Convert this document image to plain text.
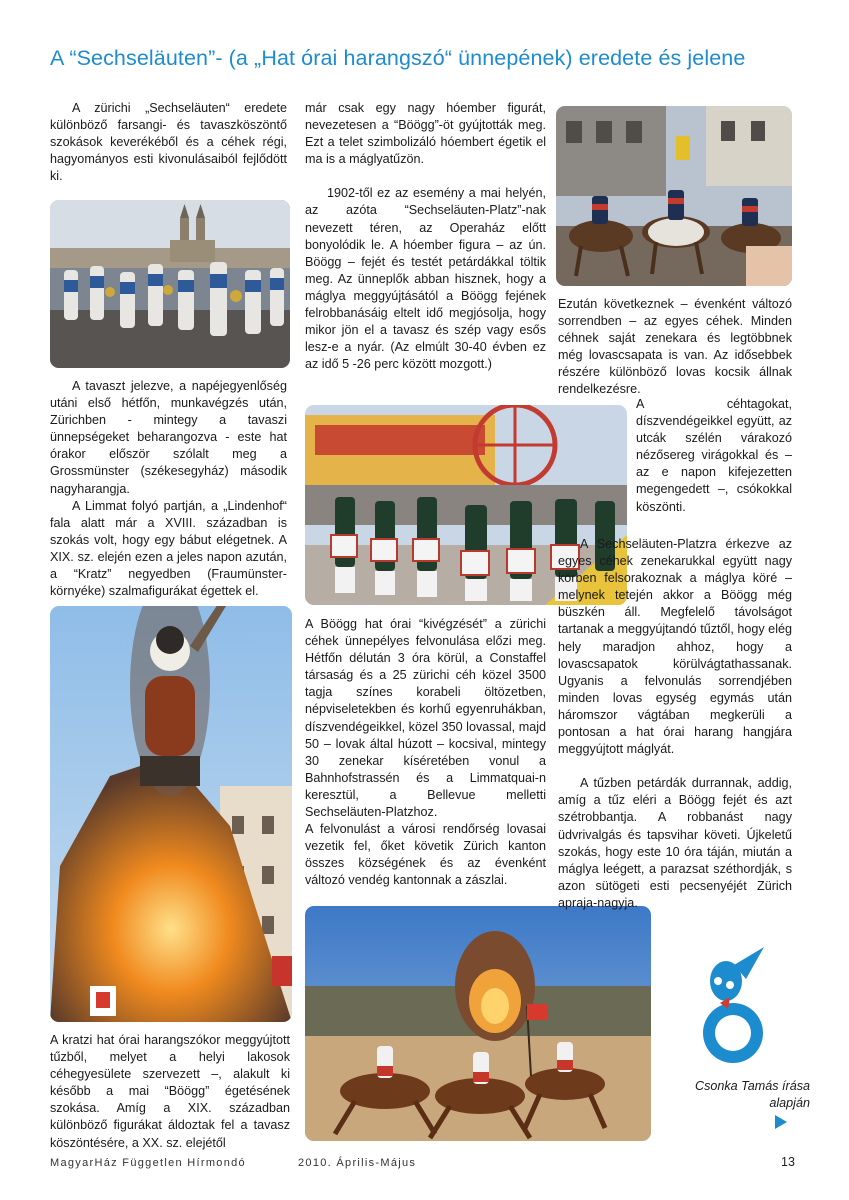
A “Sechseläuten”- (a „Hat órai harangszó“ ünnepének) eredete és jelene

A zürichi „Sechseläuten“ eredete különböző farsangi- és tavaszköszöntő szokások keverékéből és a céhek régi, hagyományos esti kivonulásaiból fejlődött ki.

A tavaszt jelezve, a napéjegyenlőség utáni első hétfőn, munkavégzés után, Zürichben - mintegy a tavaszi ünnepségeket beharangozva - este hat órakor először szólalt meg a Grossmünster (székesegyház) második nagyharangja.

A Limmat folyó partján, a „Lindenhof“ fala alatt már a XVIII. században is szokás volt, hogy egy bábut elégetnek. A XIX. sz. elején ezen a jeles napon azután, a “Kratz” negyedben (Fraumünster-környéke) szalmafigurákat égettek el.

A kratzi hat órai harangszókor meggyújtott tűzből, melyet a helyi lakosok céhegyesülete szervezett –, alakult ki később a mai “Böögg” égetésének szokása. Amíg a XIX. században különböző figurákat áldoztak fel a tavasz köszöntésére, a XX. sz. elejétől

már csak egy nagy hóember figurát, nevezetesen a “Böögg”-öt gyújtották meg. Ezt a telet szimbolizáló hóembert égetik el ma is a máglyatűzön.

1902-től ez az esemény a mai helyén, az azóta “Sechseläuten-Platz”-nak nevezett téren, az Operaház előtt bonyolódik le. A hóember figura – az ún. Böögg – fejét és testét petárdákkal töltik meg. Az ünneplők abban hisznek, hogy a máglya meggyújtásától a Böögg fejének felrobbanásáig eltelt idő megjósolja, hogy mikor jön el a tavasz és szép vagy esős lesz-e a nyár. (Az elmúlt 30-40 évben ez az idő 5 -26 perc között mozgott.)

A Böögg hat órai “kivégzését” a zürichi céhek ünnepélyes felvonulása előzi meg. Hétfőn délután 3 óra körül, a Constaffel társaság és a 25 zürichi céh közel 3500 tagja színes korabeli öltözetben, népviseletekben és korhű egyenruhákban, díszvendégeikkel, közel 350 lovassal, majd 50 – lovak által húzott – kocsival, mintegy 30 zenekar kíséretében vonul a Bahnhofstrassén és a Limmatquai-n keresztül, a Bellevue melletti Sechseläuten-Platzhoz.

A felvonulást a városi rendőrség lovasai vezetik fel, őket követik Zürich kanton összes községének és az évenként változó vendég kantonnak a zászlai.

Ezután következnek – évenként változó sorrendben – az egyes céhek. Minden céhnek saját zenekara és legtöbbnek még lovascsapata is van. Az idősebbek részére különböző lovas kocsik állnak rendelkezésre.

A céhtagokat, díszvendégeikkel együtt, az utcák szélén várakozó nézősereg virágokkal és – az e napon kifejezetten megengedett –, csókokkal köszönti.

A Sechseläuten-Platzra érkezve az egyes céhek zenekarukkal együtt nagy körben felsorakoznak a máglya köré – melynek tetején akkor a Böögg még büszkén áll. Megfelelő távolságot tartanak a meggyújtandó tűztől, hogy elég hely maradjon ahhoz, hogy a lovascsapatok körülvágtathassanak. Ugyanis a felvonulás sorrendjében minden lovas egység egymás után háromszor vágtában megkerüli a pontosan a hat órai harang hangjára meggyújtott máglyát.

A tűzben petárdák durrannak, addig, amíg a tűz eléri a Böögg fejét és azt szétrobbantja. A robbanást nagy üdvrivalgás és tapsvihar követi. Újkeletű szokás, hogy este 10 óra táján, miután a máglya leégett, a parazsat széthordják, s azon sütögeti esti pecsenyéjét Zürich apraja-nagyja.

Csonka Tamás írása alapján
MagyarHáz Független Hírmondó	2010. Április-Május	13
